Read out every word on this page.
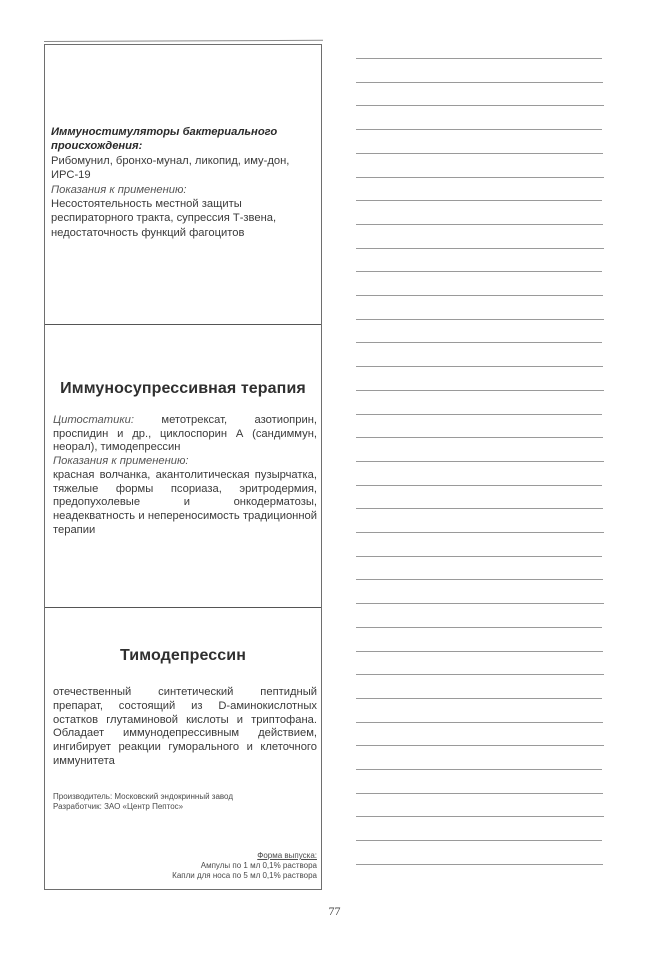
Иммуностимуляторы бактериального происхождения:
Рибомунил, бронхо-мунал, ликопид, иму-дон, ИРС-19
Показания к применению:
Несостоятельность местной защиты респираторного тракта, супрессия Т-звена, недостаточность функций фагоцитов
Иммуносупрессивная терапия
Цитостатики: метотрексат, азотиоприн, проспидин и др., циклоспорин А (сандиммун, неорал), тимодепрессин
Показания к применению:
красная волчанка, акантолитическая пузырчатка, тяжелые формы псориаза, эритродермия, предопухолевые и онкодерматозы, неадекватность и непереносимость традиционной терапии
Тимодепрессин
отечественный синтетический пептидный препарат, состоящий из D-аминокислотных остатков глутаминовой кислоты и триптофана. Обладает иммунодепрессивным действием, ингибирует реакции гуморального и клеточного иммунитета
Производитель: Московский эндокринный завод
Разработчик: ЗАО «Центр Пептос»
Форма выпуска:
Ампулы по 1 мл 0,1% раствора
Капли для носа по 5 мл 0,1% раствора
77
